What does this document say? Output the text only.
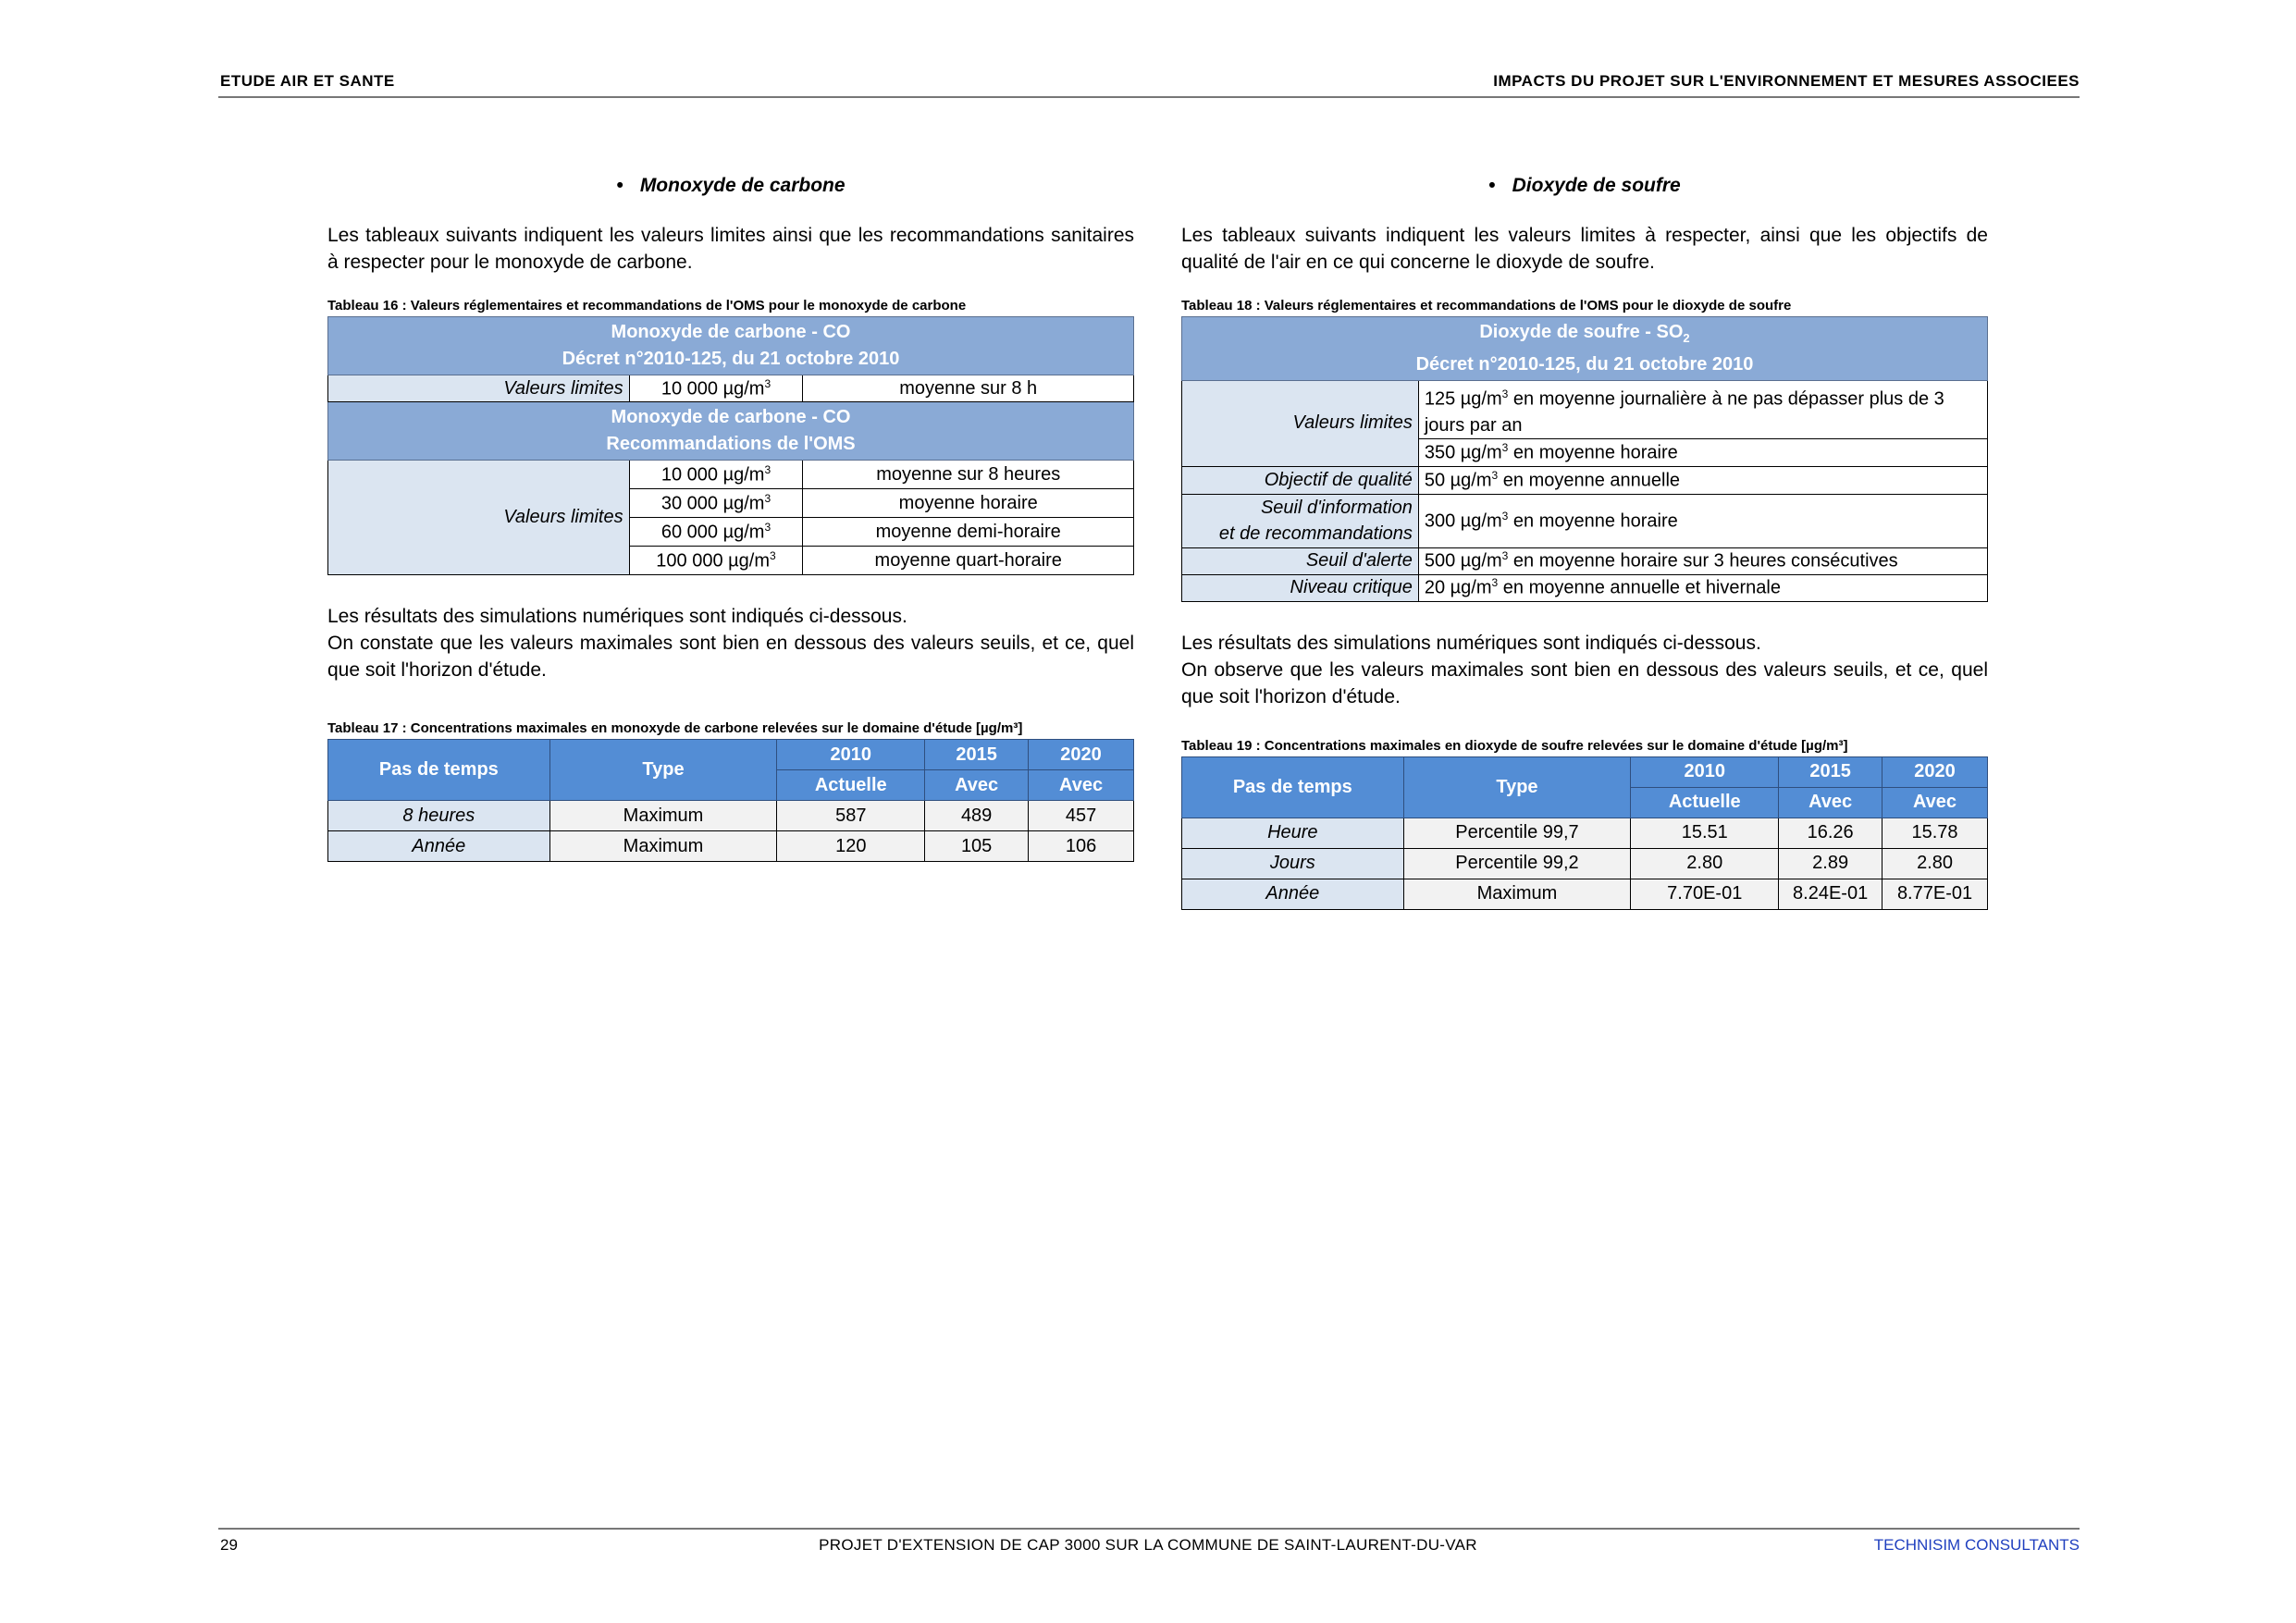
ETUDE AIR ET SANTE	IMPACTS DU PROJET SUR L'ENVIRONNEMENT ET MESURES ASSOCIEES
• Monoxyde de carbone
Les tableaux suivants indiquent les valeurs limites ainsi que les recommandations sanitaires à respecter pour le monoxyde de carbone.
Tableau 16 : Valeurs réglementaires et recommandations de l'OMS pour le monoxyde de carbone
Monoxyde de carbone - CO
Décret n°2010-125, du 21 octobre 2010		

Valeurs limites	10 000 $\mu g/m^3$	moyenne sur 8 h

Monoxyde de carbone - CO
Recommandations de l'OMS		

Valeurs limites	10 000 $\mu g/m^3$	moyenne sur 8 heures
	30 000 $\mu g/m^3$	moyenne horaire
	60 000 $\mu g/m^3$	moyenne demi-horaire
	100 000 $\mu g/m^3$	moyenne quart-horaire
Les résultats des simulations numériques sont indiqués ci-dessous.
On constate que les valeurs maximales sont bien en dessous des valeurs seuils, et ce, quel que soit l'horizon d'étude.
Tableau 17 : Concentrations maximales en monoxyde de carbone relevées sur le domaine d'étude [µg/m³]
Pas de temps	Type	2010	2015	2020
		Actuelle	Avec	Avec
8 heures	Maximum	587	489	457
Année	Maximum	120	105	106
• Dioxyde de soufre
Les tableaux suivants indiquent les valeurs limites à respecter, ainsi que les objectifs de qualité de l'air en ce qui concerne le dioxyde de soufre.
Tableau 18 : Valeurs réglementaires et recommandations de l'OMS pour le dioxyde de soufre
Dioxyde de soufre - $SO_2$
Décret n°2010-125, du 21 octobre 2010	

Valeurs limites	125 $\mu g/m^3$ en moyenne journalière à ne pas dépasser plus de 3 jours par an
	350 $\mu g/m^3$ en moyenne horaire
Objectif de qualité	50 $\mu g/m^3$ en moyenne annuelle

Seuil d'information
et de recommandations	300 $\mu g/m^3$ en moyenne horaire
Seuil d'alerte	500 $\mu g/m^3$ en moyenne horaire sur 3 heures consécutives
Niveau critique	20 $\mu g/m^3$ en moyenne annuelle et hivernale
Les résultats des simulations numériques sont indiqués ci-dessous.
On observe que les valeurs maximales sont bien en dessous des valeurs seuils, et ce, quel que soit l'horizon d'étude.
Tableau 19 : Concentrations maximales en dioxyde de soufre relevées sur le domaine d'étude [µg/m³]
Pas de temps	Type	2010	2015	2020
		Actuelle	Avec	Avec
Heure	Percentile 99,7	15.51	16.26	15.78
Jours	Percentile 99,2	2.80	2.89	2.80
Année	Maximum	7.70E-01	8.24E-01	8.77E-01
29	PROJET D'EXTENSION DE CAP 3000 SUR LA COMMUNE DE SAINT-LAURENT-DU-VAR	TECHNISIM CONSULTANTS
